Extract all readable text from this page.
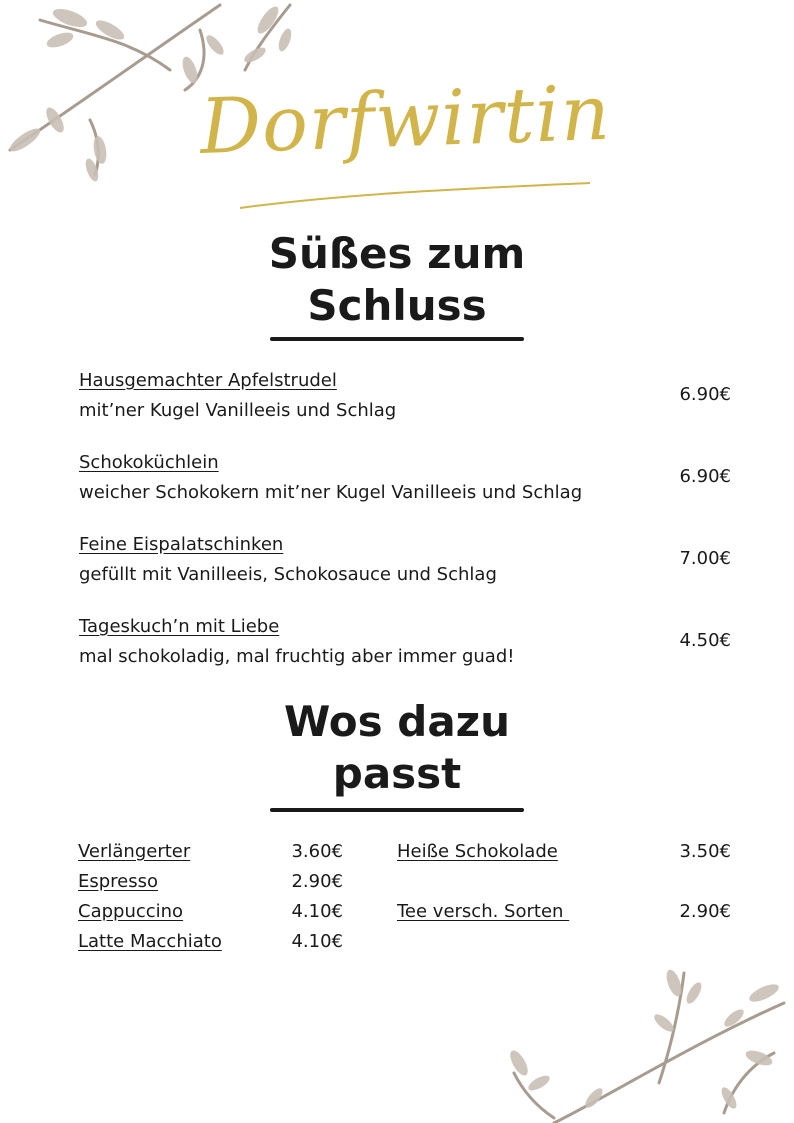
Dorfwirtin
Süßes zum
Schluss
Hausgemachter Apfelstrudel
mit’ner Kugel Vanilleeis und Schlag
6.90€
Schokoküchlein
weicher Schokokern mit’ner Kugel Vanilleeis und Schlag
6.90€
Feine Eispalatschinken
gefüllt mit Vanilleeis, Schokosauce und Schlag
7.00€
Tageskuch’n mit Liebe
mal schokoladig, mal fruchtig aber immer guad!
4.50€
Wos dazu
passt
Verlängerter	3.60€
Espresso	2.90€
Cappuccino	4.10€
Latte Macchiato	4.10€
Heiße Schokolade	3.50€
Tee versch. Sorten	2.90€
